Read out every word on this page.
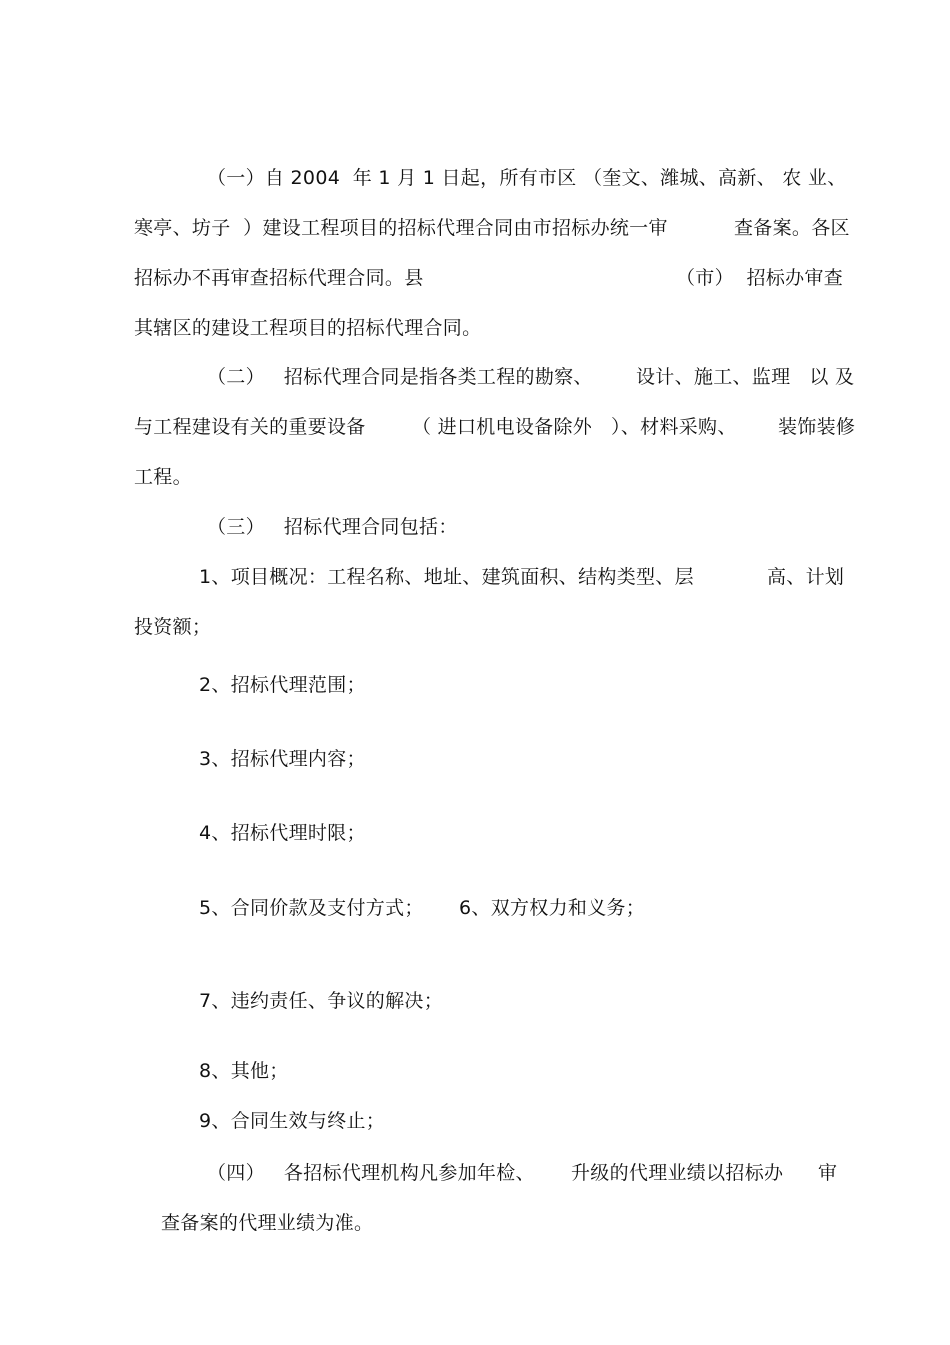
（一）自 2004  年 1 月 1 日起，所有市区 （奎文、潍城、高新、 农 业、
寒亭、坊子  ）建设工程项目的招标代理合同由市招标办统一审	查备案。各区
招标办不再审查招标代理合同。县	（市）  招标办审查
其辖区的建设工程项目的招标代理合同。
（二）   招标代理合同是指各类工程的勘察、 设计、施工、监理   以 及
与工程建设有关的重要设备 （ 进口机电设备除外   ）、材料采购、 装饰装修
工程。
（三）   招标代理合同包括：
1、项目概况：工程名称、地址、建筑面积、结构类型、层	高、计划
投资额；
2、招标代理范围；
3、招标代理内容；
4、招标代理时限；
5、合同价款及支付方式； 6、双方权力和义务；
7、违约责任、争议的解决；
8、其他；
9、合同生效与终止；
（四）   各招标代理机构凡参加年检、 升级的代理业绩以招标办 审
查备案的代理业绩为准。
